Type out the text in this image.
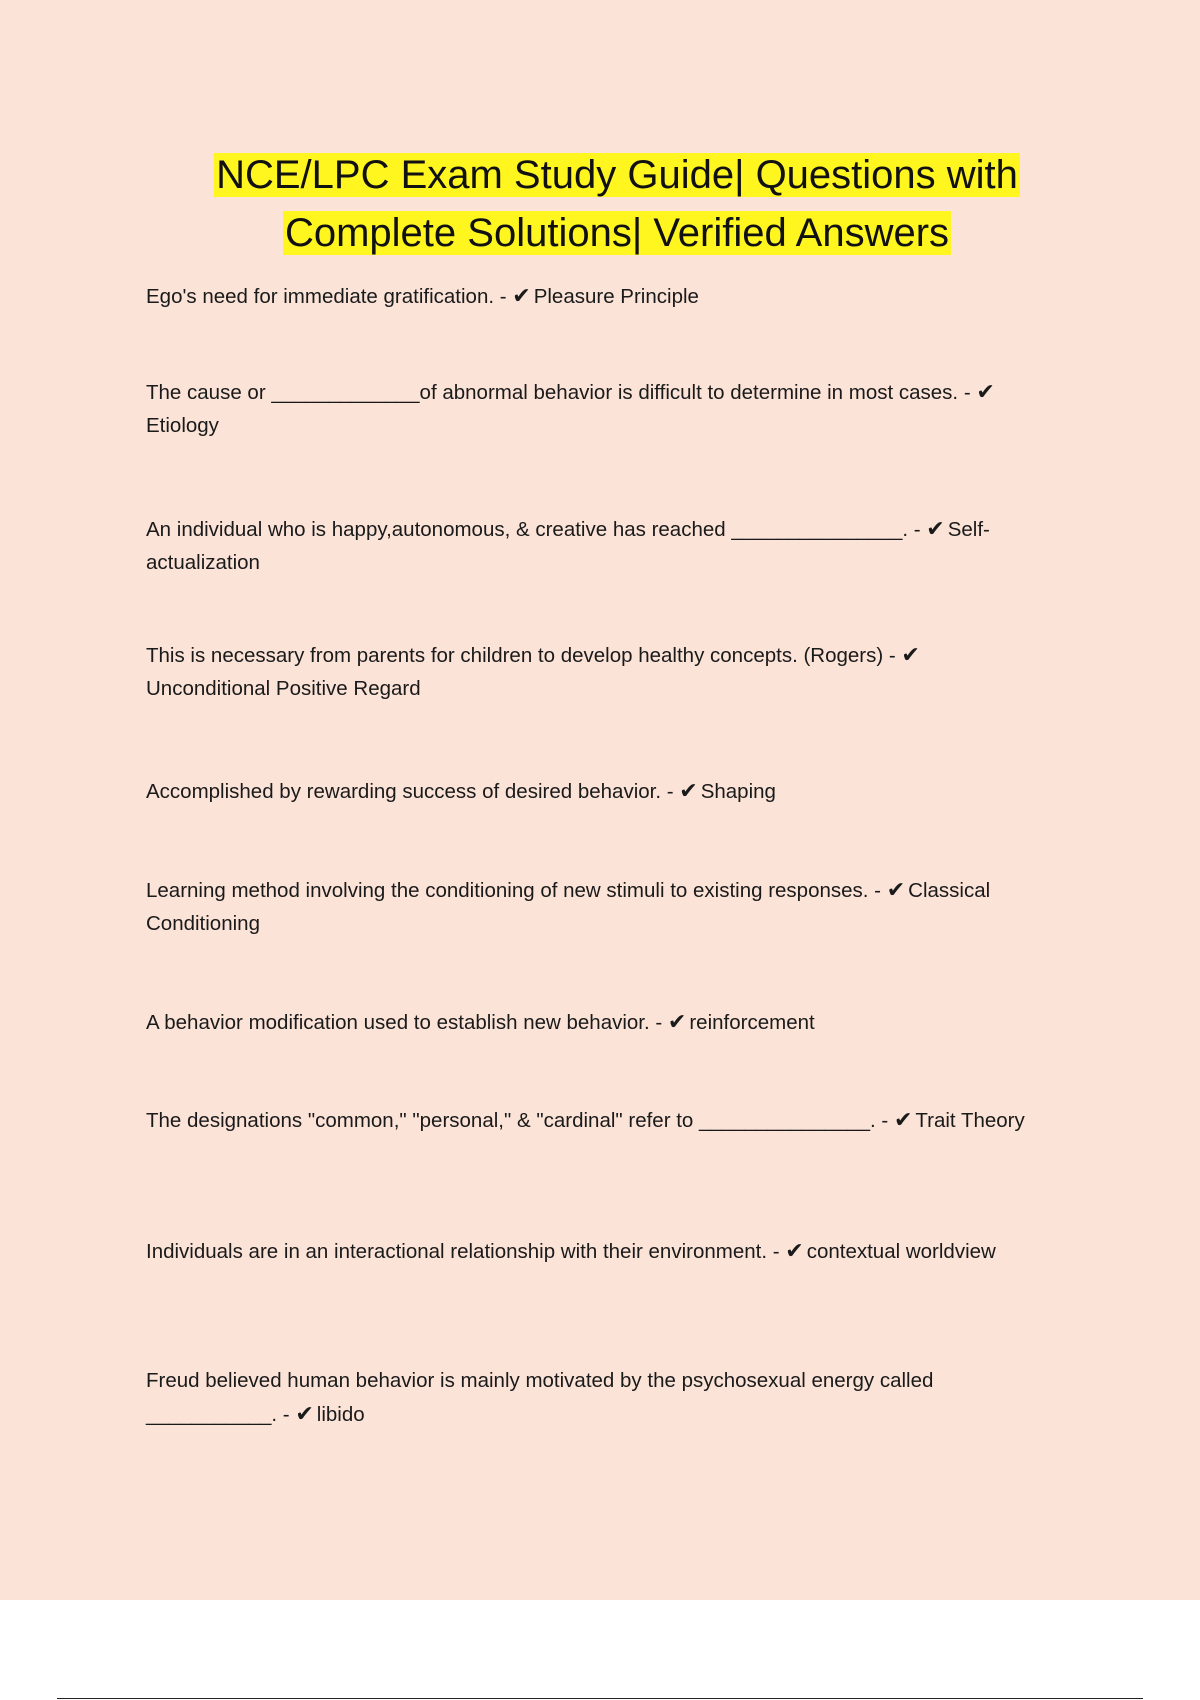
NCE/LPC Exam Study Guide| Questions with
Complete Solutions| Verified Answers
Ego's need for immediate gratification. - ✔ Pleasure Principle
The cause or _____________of abnormal behavior is difficult to determine in most cases. - ✔Etiology
An individual who is happy,autonomous, & creative has reached _______________. - ✔ Self-actualization
This is necessary from parents for children to develop healthy concepts. (Rogers) - ✔Unconditional Positive Regard
Accomplished by rewarding success of desired behavior. - ✔ Shaping
Learning method involving the conditioning of new stimuli to existing responses. - ✔ Classical Conditioning
A behavior modification used to establish new behavior. - ✔ reinforcement
The designations "common," "personal," & "cardinal" refer to _______________. - ✔ Trait Theory
Individuals are in an interactional relationship with their environment. - ✔ contextual worldview
Freud believed human behavior is mainly motivated by the psychosexual energy called ___________. - ✔ libido
